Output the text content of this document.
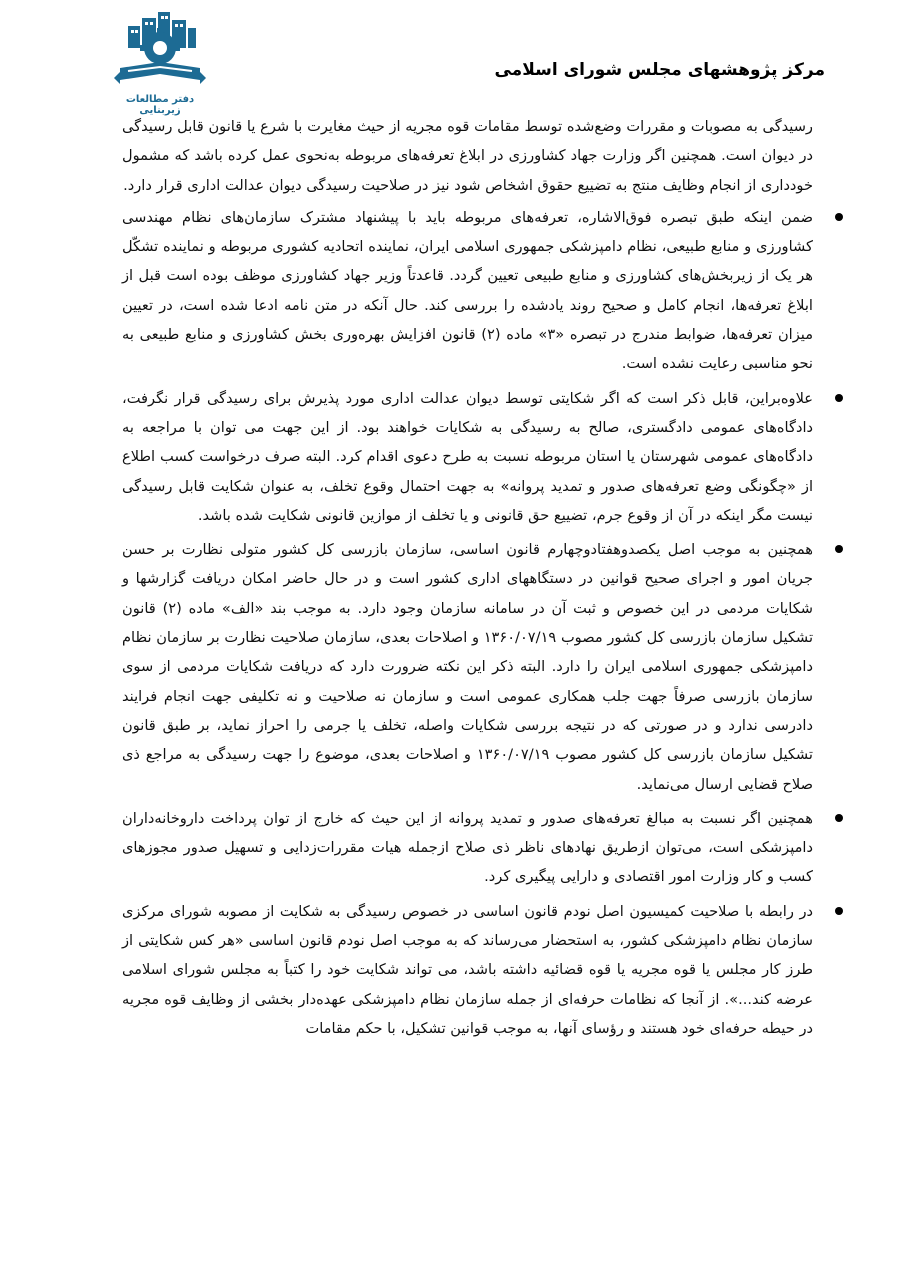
دفتر مطالعات زیربنایی
مرکز پژوهشهای مجلس شورای اسلامی

رسیدگی به مصوبات و مقررات وضع‌شده توسط مقامات قوه مجریه از حیث مغایرت با شرع یا قانون قابل رسیدگی در دیوان است. همچنین اگر وزارت جهاد کشاورزی در ابلاغ تعرفه‌های مربوطه به‌نحوی عمل کرده باشد که مشمول خودداری از انجام وظایف منتج به تضییع حقوق اشخاص شود نیز در صلاحیت رسیدگی دیوان عدالت اداری قرار دارد.

ضمن اینکه طبق تبصره فوق‌الاشاره، تعرفه‌های مربوطه باید با پیشنهاد مشترک سازمان‌های نظام مهندسی کشاورزی و منابع طبیعی، نظام دامپزشکی جمهوری اسلامی ایران، نماینده اتحادیه کشوری مربوطه و نماینده تشکّل هر یک از زیربخش‌های کشاورزی و منابع طبیعی تعیین گردد. قاعدتاً وزیر جهاد کشاورزی موظف بوده است قبل از ابلاغ تعرفه‌ها، انجام کامل و صحیح روند یادشده را بررسی کند. حال آنکه در متن نامه ادعا شده است، در تعیین میزان تعرفه‌ها، ضوابط مندرج در تبصره «۳» ماده (۲) قانون افزایش بهره‌وری بخش کشاورزی و منابع طبیعی به نحو مناسبی رعایت نشده است.
علاوه‌براین، قابل ذکر است که اگر شکایتی توسط دیوان عدالت اداری مورد پذیرش برای رسیدگی قرار نگرفت، دادگاه‌های عمومی دادگستری، صالح به رسیدگی به شکایات خواهند بود. از این جهت می توان با مراجعه به دادگاه‌های عمومی شهرستان یا استان مربوطه نسبت به طرح دعوی اقدام کرد. البته صرف درخواست کسب اطلاع از «چگونگی وضع تعرفه‌های صدور و تمدید پروانه» به جهت احتمال وقوع تخلف، به عنوان شکایت قابل رسیدگی نیست مگر اینکه در آن از وقوع جرم، تضییع حق قانونی و یا تخلف از موازین قانونی شکایت شده باشد.
همچنین به موجب اصل یکصدوهفتادوچهارم قانون اساسی، سازمان بازرسی کل کشور متولی نظارت بر حسن جریان امور و اجرای صحیح قوانین در دستگاههای اداری کشور است و در حال حاضر امکان دریافت گزارشها و شکایات مردمی در این خصوص و ثبت آن در سامانه سازمان وجود دارد. به موجب بند «الف» ماده (۲) قانون تشکیل سازمان بازرسی کل کشور مصوب ۱۳۶۰/۰۷/۱۹ و اصلاحات بعدی، سازمان صلاحیت نظارت بر سازمان نظام دامپزشکی جمهوری اسلامی ایران را دارد. البته ذکر این نکته ضرورت دارد که دریافت شکایات مردمی از سوی سازمان بازرسی صرفاً جهت جلب همکاری عمومی است و سازمان نه صلاحیت و نه تکلیفی جهت انجام فرایند دادرسی ندارد و در صورتی که در نتیجه بررسی شکایات واصله، تخلف یا جرمی را احراز نماید، بر طبق قانون تشکیل سازمان بازرسی کل کشور مصوب ۱۳۶۰/۰۷/۱۹ و اصلاحات بعدی، موضوع را جهت رسیدگی به مراجع ذی صلاح قضایی ارسال می‌نماید.
همچنین اگر نسبت به مبالغ تعرفه‌های صدور و تمدید پروانه از این حیث که خارج از توان پرداخت داروخانه‌داران دامپزشکی است، می‌توان ازطریق نهادهای ناظر ذی صلاح ازجمله هیات مقررات‌زدایی و تسهیل صدور مجوزهای کسب و کار وزارت امور اقتصادی و دارایی پیگیری کرد.
در رابطه با صلاحیت کمیسیون اصل نودم قانون اساسی در خصوص رسیدگی به شکایت از مصوبه شورای مرکزی سازمان نظام دامپزشکی کشور، به استحضار می‌رساند که به موجب اصل نودم قانون اساسی «هر کس شکایتی از طرز کار مجلس یا قوه مجریه یا قوه قضائیه داشته باشد، می تواند شکایت خود را کتباً به مجلس شورای اسلامی عرضه کند...». از آنجا که نظامات حرفه‌ای از جمله سازمان نظام دامپزشکی عهده‌دار بخشی از وظایف قوه مجریه در حیطه حرفه‌ای خود هستند و رؤسای آنها، به موجب قوانین تشکیل، با حکم مقامات
